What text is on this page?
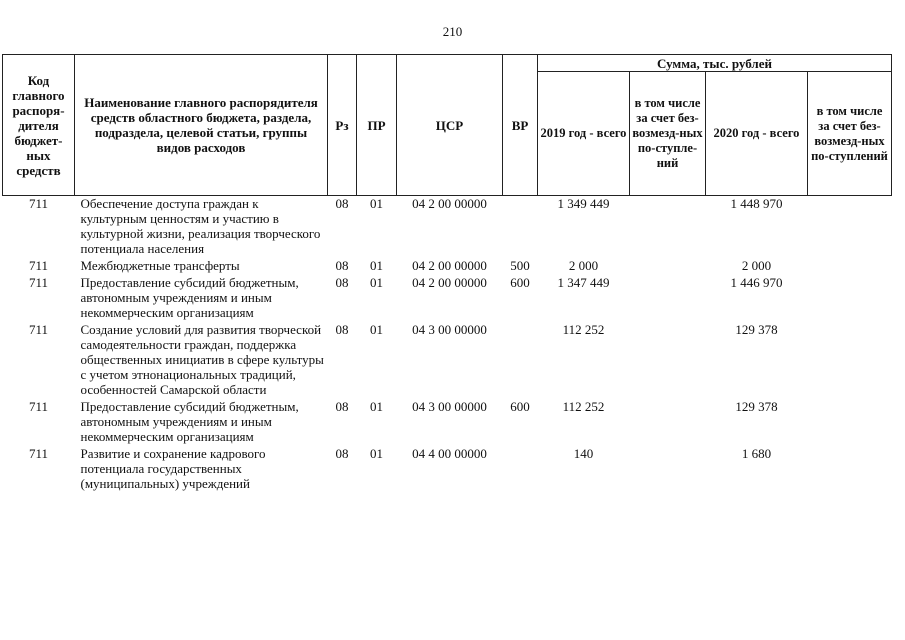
210
Код главного распоря-дителя бюджет-ных средств	Наименование главного распорядителя средств областного бюджета, раздела, подраздела, целевой статьи, группы видов расходов	Рз	ПР	ЦСР	ВР	Сумма, тыс. рублей			
						2019 год - всего	в том числе за счет без-возмезд-ных по-ступле-ний	2020 год - всего	в том числе за счет без-возмезд-ных по-ступлений
711	Обеспечение доступа граждан к культурным ценностям и участию в культурной жизни, реализация творческого потенциала населения	08	01	04 2 00 00000		1 349 449		1 448 970	
711	Межбюджетные трансферты	08	01	04 2 00 00000	500	2 000		2 000	
711	Предоставление субсидий бюджетным, автономным учреждениям и иным некоммерческим организациям	08	01	04 2 00 00000	600	1 347 449		1 446 970	
711	Создание условий для развития творческой самодеятельности граждан, поддержка общественных инициатив в сфере культуры с учетом этнонациональных традиций, особенностей Самарской области	08	01	04 3 00 00000		112 252		129 378	
711	Предоставление субсидий бюджетным, автономным учреждениям и иным некоммерческим организациям	08	01	04 3 00 00000	600	112 252		129 378	
711	Развитие и сохранение кадрового потенциала государственных (муниципальных) учреждений	08	01	04 4 00 00000		140		1 680	
